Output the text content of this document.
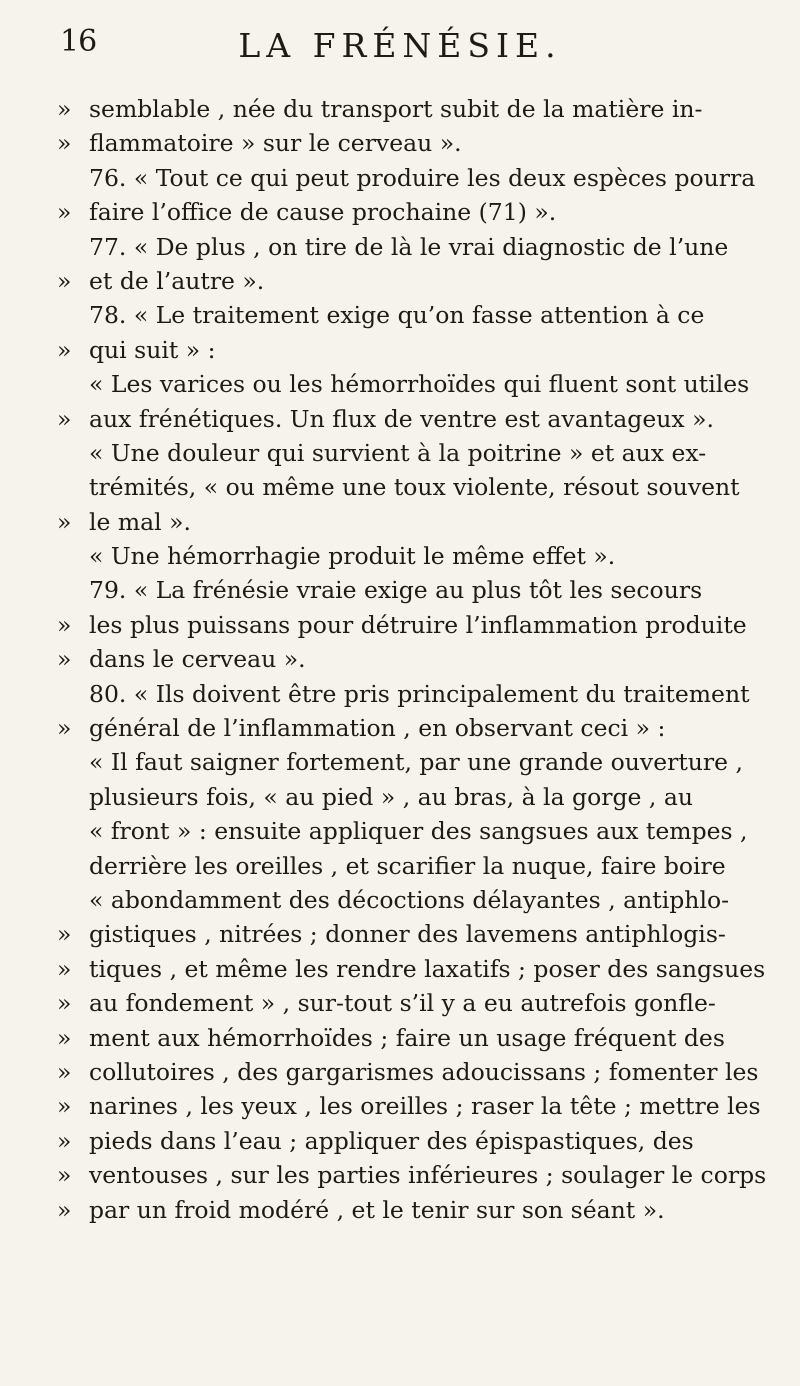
16	LA FRÉNÉSIE.
» semblable , née du transport subit de la matière in-
» flammatoire » sur le cerveau ».
76. « Tout ce qui peut produire les deux espèces pourra
» faire l’office de cause prochaine (71) ».
77. « De plus , on tire de là le vrai diagnostic de l’une
» et de l’autre ».
78. « Le traitement exige qu’on fasse attention à ce
» qui suit » :
« Les varices ou les hémorrhoïdes qui fluent sont utiles
» aux frénétiques. Un flux de ventre est avantageux ».
« Une douleur qui survient à la poitrine » et aux ex-
trémités, « ou même une toux violente, résout souvent
» le mal ».
« Une hémorrhagie produit le même effet ».
79. « La frénésie vraie exige au plus tôt les secours
» les plus puissans pour détruire l’inflammation produite
» dans le cerveau ».
80. « Ils doivent être pris principalement du traitement
» général de l’inflammation , en observant ceci » :
« Il faut saigner fortement, par une grande ouverture ,
plusieurs fois, « au pied » , au bras, à la gorge , au
« front » : ensuite appliquer des sangsues aux tempes ,
derrière les oreilles , et scarifier la nuque, faire boire
« abondamment des décoctions délayantes , antiphlo-
» gistiques , nitrées ; donner des lavemens antiphlogis-
» tiques , et même les rendre laxatifs ; poser des sangsues
» au fondement » , sur-tout s’il y a eu autrefois gonfle-
» ment aux hémorrhoïdes ; faire un usage fréquent des
» collutoires , des gargarismes adoucissans ; fomenter les
» narines , les yeux , les oreilles ; raser la tête ; mettre les
» pieds dans l’eau ; appliquer des épispastiques, des
» ventouses , sur les parties inférieures ; soulager le corps
» par un froid modéré , et le tenir sur son séant ».
